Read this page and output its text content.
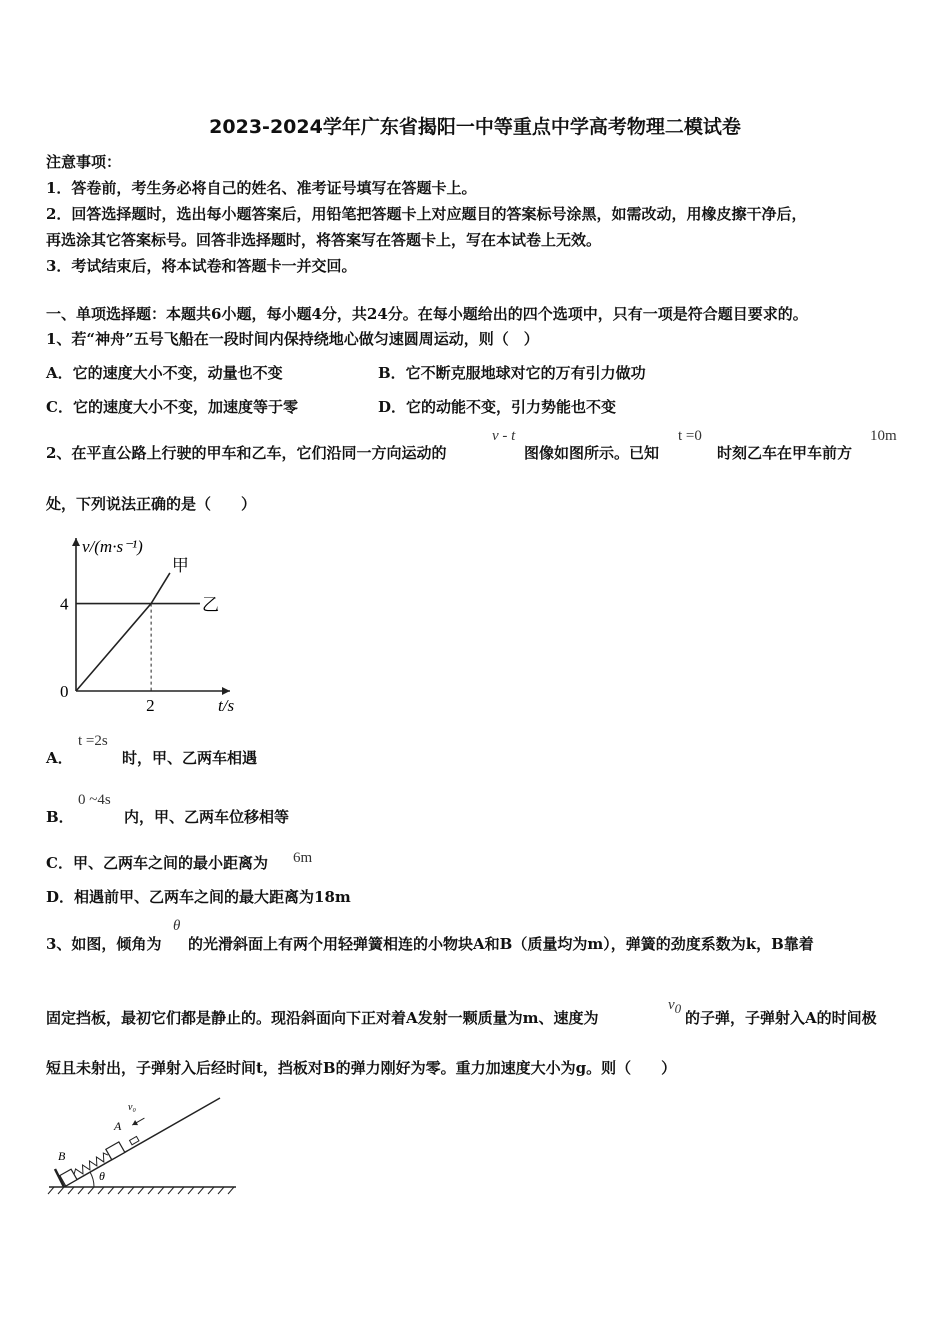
2023-2024学年广东省揭阳一中等重点中学高考物理二模试卷
注意事项：
1．答卷前，考生务必将自己的姓名、准考证号填写在答题卡上。
2．回答选择题时，选出每小题答案后，用铅笔把答题卡上对应题目的答案标号涂黑，如需改动，用橡皮擦干净后，
再选涂其它答案标号。回答非选择题时，将答案写在答题卡上，写在本试卷上无效。
3．考试结束后，将本试卷和答题卡一并交回。
一、单项选择题：本题共6小题，每小题4分，共24分。在每小题给出的四个选项中，只有一项是符合题目要求的。
1、若“神舟”五号飞船在一段时间内保持绕地心做匀速圆周运动，则（　）
A．它的速度大小不变，动量也不变	B．它不断克服地球对它的万有引力做功
C．它的速度大小不变，加速度等于零	D．它的动能不变，引力势能也不变
2、在平直公路上行驶的甲车和乙车，它们沿同一方向运动的
v - t
图像如图所示。已知
t =0
时刻乙车在甲车前方
10m
处，下列说法正确的是（　　）
v/(m·s⁻¹)
t/s
0
2
4
甲
乙
A．
t =2s
时，甲、乙两车相遇
B．
0 ~4s
内，甲、乙两车位移相等
C．甲、乙两车之间的最小距离为 6m
D．相遇前甲、乙两车之间的最大距离为18m
3、如图，倾角为
θ
的光滑斜面上有两个用轻弹簧相连的小物块A和B（质量均为m），弹簧的劲度系数为k，B靠着
固定挡板，最初它们都是静止的。现沿斜面向下正对着A发射一颗质量为m、速度为
$v_0$
的子弹，子弹射入A的时间极
短且未射出，子弹射入后经时间t，挡板对B的弹力刚好为零。重力加速度大小为g。则（　　）
B
A
v₀
θ
